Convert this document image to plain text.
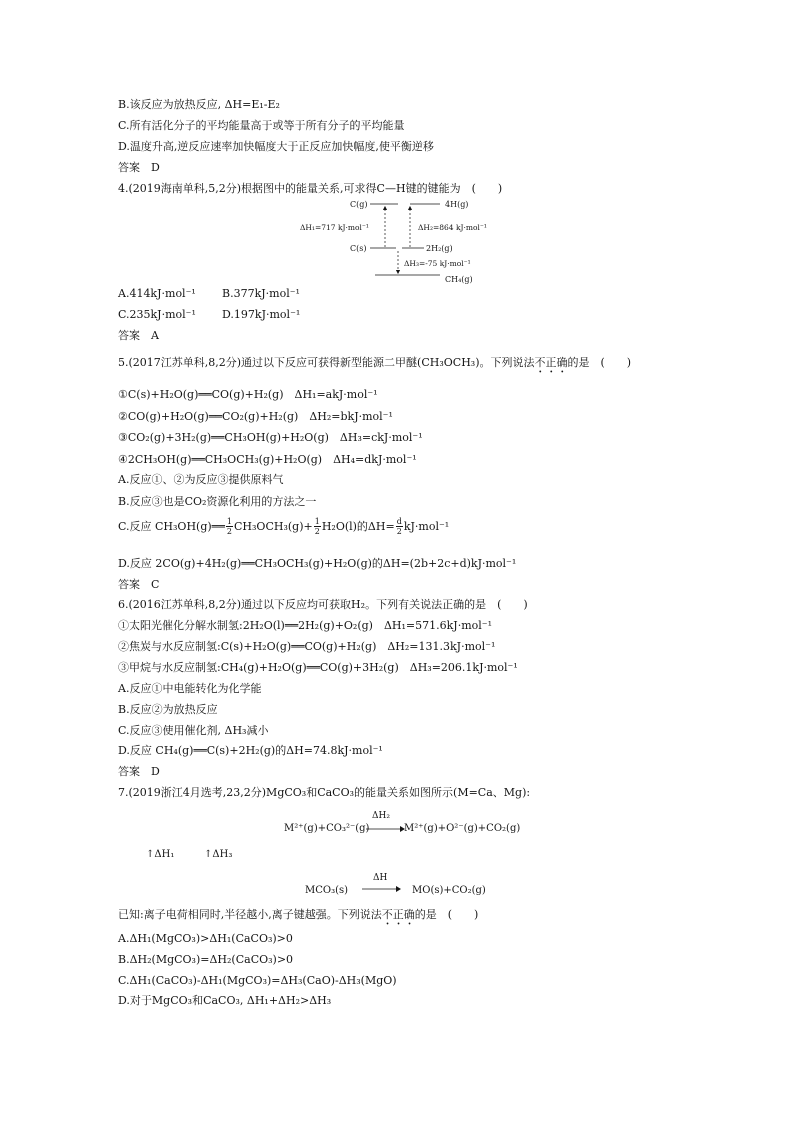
B.该反应为放热反应, ΔH=E₁-E₂
C.所有活化分子的平均能量高于或等于所有分子的平均能量
D.温度升高,逆反应速率加快幅度大于正反应加快幅度,使平衡逆移
答案　D
4.(2019海南单科,5,2分)根据图中的能量关系,可求得C—H键的键能为　(　　)
C(g)	4H(g)
ΔH₁=717 kJ·mol⁻¹	ΔH₂=864 kJ·mol⁻¹
C(s)	2H₂(g)
ΔH₃=-75 kJ·mol⁻¹
CH₄(g)
A.414kJ·mol⁻¹ B.377kJ·mol⁻¹
C.235kJ·mol⁻¹ D.197kJ·mol⁻¹
答案　A
5.(2017江苏单科,8,2分)通过以下反应可获得新型能源二甲醚(CH₃OCH₃)。下列说法不正确的是　(　　)
①C(s)+H₂O(g)══CO(g)+H₂(g)　ΔH₁=akJ·mol⁻¹
②CO(g)+H₂O(g)══CO₂(g)+H₂(g)　ΔH₂=bkJ·mol⁻¹
③CO₂(g)+3H₂(g)══CH₃OH(g)+H₂O(g)　ΔH₃=ckJ·mol⁻¹
④2CH₃OH(g)══CH₃OCH₃(g)+H₂O(g)　ΔH₄=dkJ·mol⁻¹
A.反应①、②为反应③提供原料气
B.反应③也是CO₂资源化利用的方法之一
C.反应 CH₃OH(g)══ $\frac{1}{2} CH_3OCH_3(g)+ \frac{1}{2} H_2O(l)$的$\Delta H= \frac{d}{2} kJ\cdot mol^{-1}$
D.反应 2CO(g)+4H₂(g)══CH₃OCH₃(g)+H₂O(g)的ΔH=(2b+2c+d)kJ·mol⁻¹
答案　C
6.(2016江苏单科,8,2分)通过以下反应均可获取H₂。下列有关说法正确的是　(　　)
①太阳光催化分解水制氢:2H₂O(l)══2H₂(g)+O₂(g)　ΔH₁=571.6kJ·mol⁻¹
②焦炭与水反应制氢:C(s)+H₂O(g)══CO(g)+H₂(g)　ΔH₂=131.3kJ·mol⁻¹
③甲烷与水反应制氢:CH₄(g)+H₂O(g)══CO(g)+3H₂(g)　ΔH₃=206.1kJ·mol⁻¹
A.反应①中电能转化为化学能
B.反应②为放热反应
C.反应③使用催化剂, ΔH₃减小
D.反应 CH₄(g)══C(s)+2H₂(g)的ΔH=74.8kJ·mol⁻¹
答案　D
7.(2019浙江4月选考,23,2分)MgCO₃和CaCO₃的能量关系如图所示(M=Ca、Mg):
M²⁺(g)+CO₃²⁻(g)
ΔH₂
M²⁺(g)+O²⁻(g)+CO₂(g)
↑ΔH₁	↑ΔH₃
MCO₃(s)
ΔH
MO(s)+CO₂(g)
已知:离子电荷相同时,半径越小,离子键越强。下列说法不正确的是　(　　)
A.ΔH₁(MgCO₃)>ΔH₁(CaCO₃)>0
B.ΔH₂(MgCO₃)=ΔH₂(CaCO₃)>0
C.ΔH₁(CaCO₃)-ΔH₁(MgCO₃)=ΔH₃(CaO)-ΔH₃(MgO)
D.对于MgCO₃和CaCO₃, ΔH₁+ΔH₂>ΔH₃
